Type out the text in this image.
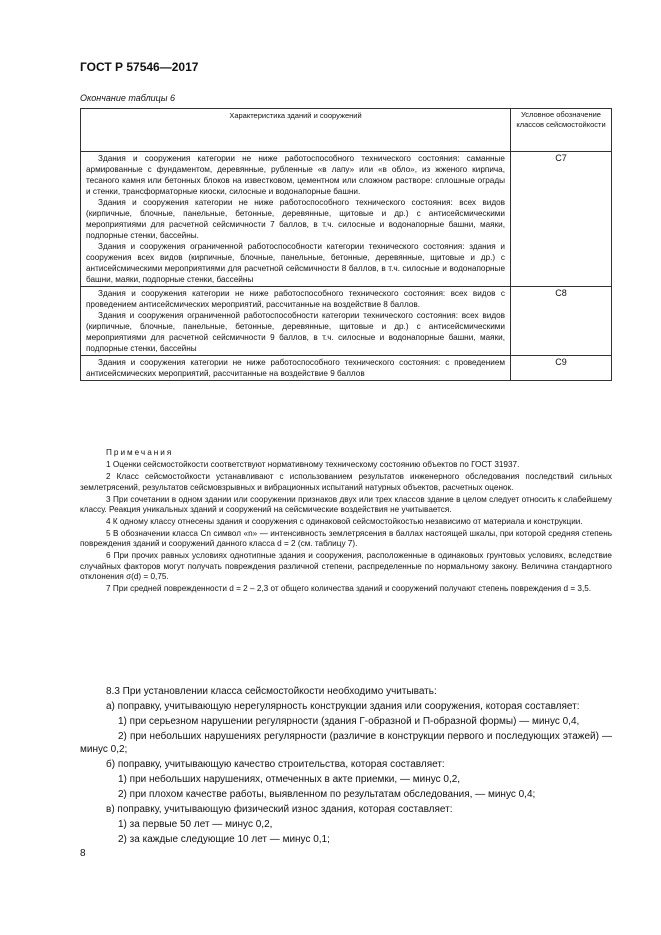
ГОСТ Р 57546—2017
Окончание таблицы 6
Характеристика зданий и сооружений	Условное обозначение классов сейсмостойкости

Здания и сооружения категории не ниже работоспособного технического состояния: саманные армированные с фундаментом, деревянные, рубленные «в лапу» или «в обло», из жженого кирпича, тесаного камня или бетонных блоков на известковом, цементном или сложном растворе: сплошные ограды и стенки, трансформаторные киоски, силосные и водонапорные башни.

Здания и сооружения категории не ниже работоспособного технического состояния: всех видов (кирпичные, блочные, панельные, бетонные, деревянные, щитовые и др.) с антисейсмическими мероприятиями для расчетной сейсмичности 7 баллов, в т.ч. силосные и водонапорные башни, маяки, подпорные стенки, бассейны.

Здания и сооружения ограниченной работоспособности категории технического состояния: здания и сооружения всех видов (кирпичные, блочные, панельные, бетонные, деревянные, щитовые и др.) с антисейсмическими мероприятиями для расчетной сейсмичности 8 баллов, в т.ч. силосные и водонапорные башни, маяки, подпорные стенки, бассейны	С7

Здания и сооружения категории не ниже работоспособного технического состояния: всех видов с проведением антисейсмических мероприятий, рассчитанные на воздействие 8 баллов.

Здания и сооружения ограниченной работоспособности категории технического состояния: всех видов (кирпичные, блочные, панельные, бетонные, деревянные, щитовые и др.) с антисейсмическими мероприятиями для расчетной сейсмичности 9 баллов, в т.ч. силосные и водонапорные башни, маяки, подпорные стенки, бассейны	С8

Здания и сооружения категории не ниже работоспособного технического состояния: с проведением антисейсмических мероприятий, рассчитанные на воздействие 9 баллов	С9

Примечания

1 Оценки сейсмостойкости соответствуют нормативному техническому состоянию объектов по ГОСТ 31937.

2 Класс сейсмостойкости устанавливают с использованием результатов инженерного обследования последствий сильных землетрясений, результатов сейсмовзрывных и вибрационных испытаний натурных объектов, расчетных оценок.

3 При сочетании в одном здании или сооружении признаков двух или трех классов здание в целом следует относить к слабейшему классу. Реакция уникальных зданий и сооружений на сейсмические воздействия не учитывается.

4 К одному классу отнесены здания и сооружения с одинаковой сейсмостойкостью независимо от материала и конструкции.

5 В обозначении класса Cn символ «n» — интенсивность землетрясения в баллах настоящей шкалы, при которой средняя степень повреждения зданий и сооружений данного класса d = 2 (см. таблицу 7).

6 При прочих равных условиях однотипные здания и сооружения, расположенные в одинаковых грунтовых условиях, вследствие случайных факторов могут получать повреждения различной степени, распределенные по нормальному закону. Величина стандартного отклонения σ(d) = 0,75.

7 При средней поврежденности d = 2 – 2,3 от общего количества зданий и сооружений получают степень повреждения d = 3,5.

8.3 При установлении класса сейсмостойкости необходимо учитывать:

а) поправку, учитывающую нерегулярность конструкции здания или сооружения, которая составляет:

1) при серьезном нарушении регулярности (здания Г-образной и П-образной формы) — минус 0,4,

2) при небольших нарушениях регулярности (различие в конструкции первого и последующих этажей) — минус 0,2;

б) поправку, учитывающую качество строительства, которая составляет:

1) при небольших нарушениях, отмеченных в акте приемки, — минус 0,2,

2) при плохом качестве работы, выявленном по результатам обследования, — минус 0,4;

в) поправку, учитывающую физический износ здания, которая составляет:

1) за первые 50 лет — минус 0,2,

2) за каждые следующие 10 лет — минус 0,1;

8
